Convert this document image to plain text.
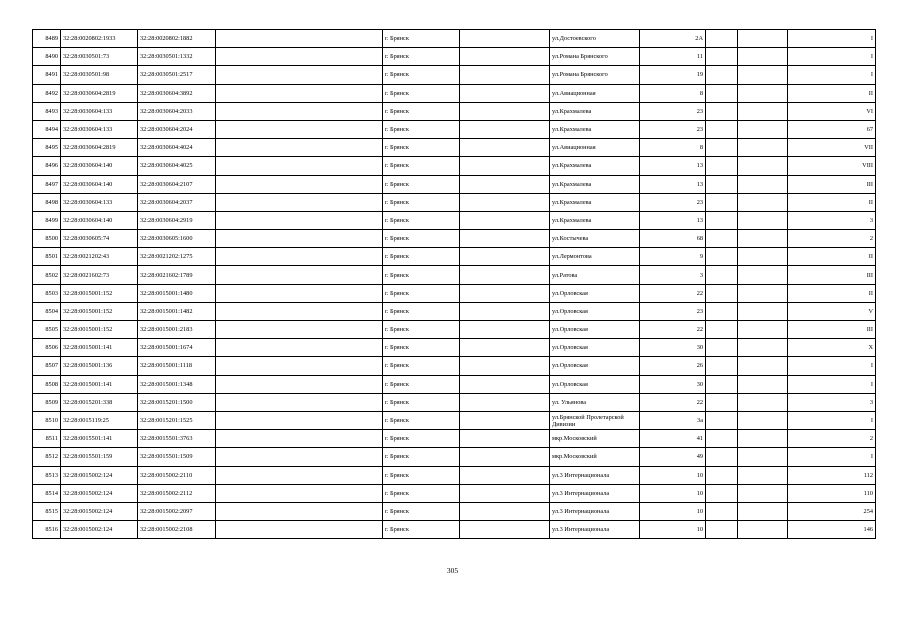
8489	32:28:0020802:1933	32:28:0020802:1882		г. Брянск		ул.Достоевского	2А			I
8490	32:28:0030501:73	32:28:0030501:1332		г. Брянск		ул.Романа Брянского	11			I
8491	32:28:0030501:98	32:28:0030501:2517		г. Брянск		ул.Романа Брянского	19			I
8492	32:28:0030604:2819	32:28:0030604:3892		г. Брянск		ул.Авиационная	8			II
8493	32:28:0030604:133	32:28:0030604:2033		г. Брянск		ул.Крахмалева	23			VI
8494	32:28:0030604:133	32:28:0030604:2024		г. Брянск		ул.Крахмалева	23			67
8495	32:28:0030604:2819	32:28:0030604:4024		г. Брянск		ул.Авиационная	8			VII
8496	32:28:0030604:140	32:28:0030604:4025		г. Брянск		ул.Крахмалева	13			VIII
8497	32:28:0030604:140	32:28:0030604:2107		г. Брянск		ул.Крахмалева	13			III
8498	32:28:0030604:133	32:28:0030604:2037		г. Брянск		ул.Крахмалева	23			II
8499	32:28:0030604:140	32:28:0030604:2919		г. Брянск		ул.Крахмалева	13			3
8500	32:28:0030605:74	32:28:0030605:1600		г. Брянск		ул.Костычева	68			2
8501	32:28:0021202:43	32:28:0021202:1275		г. Брянск		ул.Лермонтова	9			II
8502	32:28:0021602:73	32:28:0021602:1789		г. Брянск		ул.Ратова	3			III
8503	32:28:0015001:152	32:28:0015001:1480		г. Брянск		ул.Орловская	22			II
8504	32:28:0015001:152	32:28:0015001:1482		г. Брянск		ул.Орловская	23			V
8505	32:28:0015001:152	32:28:0015001:2183		г. Брянск		ул.Орловская	22			III
8506	32:28:0015001:141	32:28:0015001:1674		г. Брянск		ул.Орловская	30			X
8507	32:28:0015001:136	32:28:0015001:1118		г. Брянск		ул.Орловская	26			I
8508	32:28:0015001:141	32:28:0015001:1348		г. Брянск		ул.Орловская	30			I
8509	32:28:0015201:338	32:28:0015201:1500		г. Брянск		ул. Ульянова	22			3
8510	32:28:0015119:25	32:28:0015201:1525		г. Брянск		ул.Брянской Пролетарской Дивизии	3а			I
8511	32:28:0015501:141	32:28:0015501:3763		г. Брянск		мкр.Московский	41			2
8512	32:28:0015501:159	32:28:0015501:1509		г. Брянск		мкр.Московский	49			I
8513	32:28:0015002:124	32:28:0015002:2110		г. Брянск		ул.3 Интернационала	10			112
8514	32:28:0015002:124	32:28:0015002:2112		г. Брянск		ул.3 Интернационала	10			110
8515	32:28:0015002:124	32:28:0015002:2097		г. Брянск		ул.3 Интернационала	10			254
8516	32:28:0015002:124	32:28:0015002:2108		г. Брянск		ул.3 Интернационала	10			146
305
